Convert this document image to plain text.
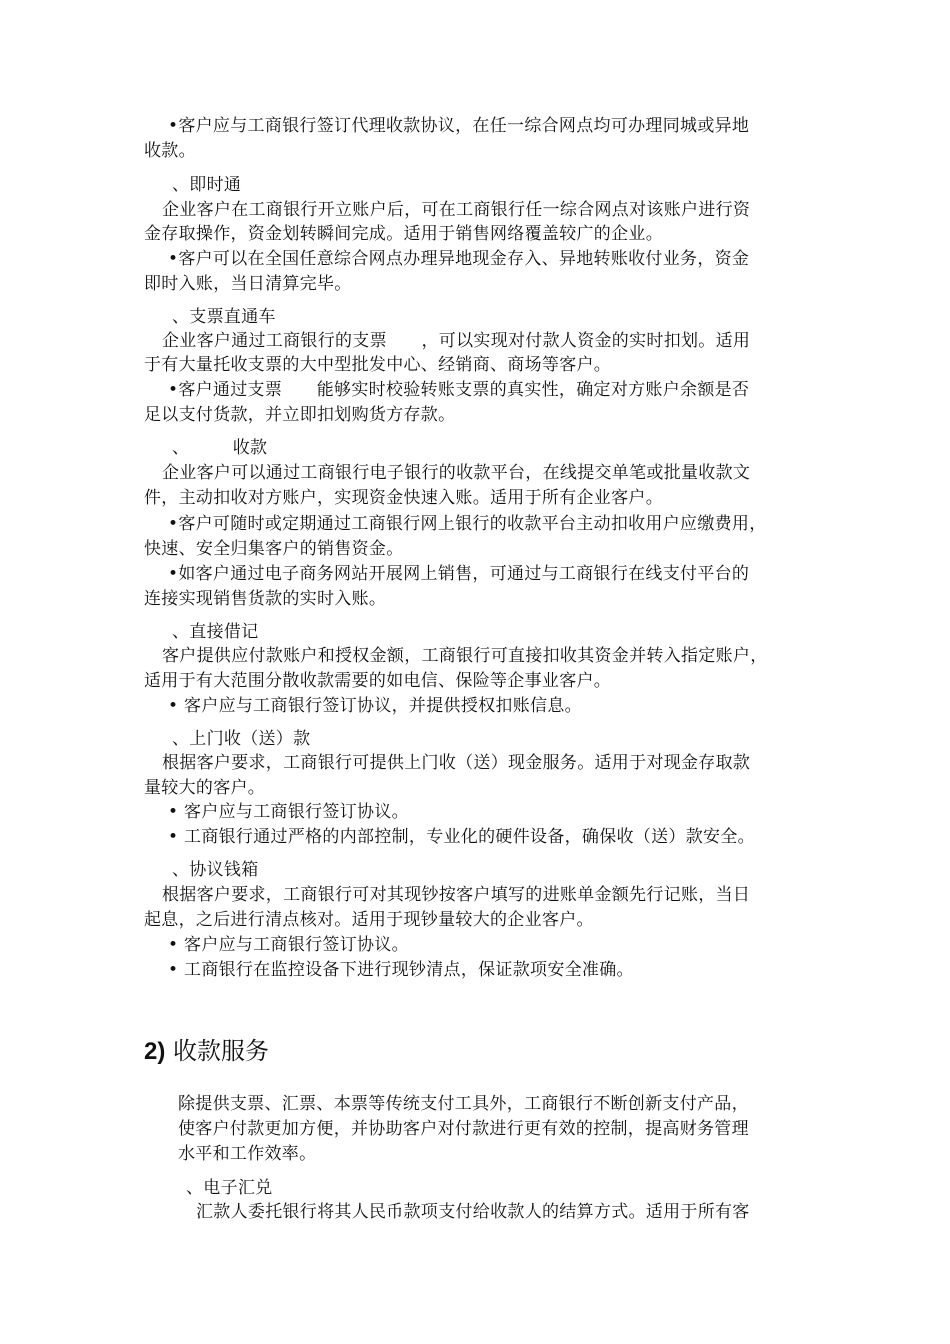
•客户应与工商银行签订代理收款协议，在任一综合网点均可办理同城或异地
收款。
、即时通
企业客户在工商银行开立账户后，可在工商银行任一综合网点对该账户进行资
金存取操作，资金划转瞬间完成。适用于销售网络覆盖较广的企业。
•客户可以在全国任意综合网点办理异地现金存入、异地转账收付业务，资金
即时入账，当日清算完毕。
、支票直通车
企业客户通过工商银行的支票　　，可以实现对付款人资金的实时扣划。适用
于有大量托收支票的大中型批发中心、经销商、商场等客户。
•客户通过支票　　能够实时校验转账支票的真实性，确定对方账户余额是否
足以支付货款，并立即扣划购货方存款。
、　　　收款
企业客户可以通过工商银行电子银行的收款平台，在线提交单笔或批量收款文
件，主动扣收对方账户，实现资金快速入账。适用于所有企业客户。
•客户可随时或定期通过工商银行网上银行的收款平台主动扣收用户应缴费用，
快速、安全归集客户的销售资金。
•如客户通过电子商务网站开展网上销售，可通过与工商银行在线支付平台的
连接实现销售货款的实时入账。
、直接借记
客户提供应付款账户和授权金额，工商银行可直接扣收其资金并转入指定账户，
适用于有大范围分散收款需要的如电信、保险等企事业客户。
• 客户应与工商银行签订协议，并提供授权扣账信息。
、上门收（送）款
根据客户要求，工商银行可提供上门收（送）现金服务。适用于对现金存取款
量较大的客户。
• 客户应与工商银行签订协议。
• 工商银行通过严格的内部控制，专业化的硬件设备，确保收（送）款安全。
、协议钱箱
根据客户要求，工商银行可对其现钞按客户填写的进账单金额先行记账，当日
起息，之后进行清点核对。适用于现钞量较大的企业客户。
• 客户应与工商银行签订协议。
• 工商银行在监控设备下进行现钞清点，保证款项安全准确。
2) 收款服务
除提供支票、汇票、本票等传统支付工具外，工商银行不断创新支付产品，
使客户付款更加方便，并协助客户对付款进行更有效的控制，提高财务管理
水平和工作效率。
、电子汇兑
汇款人委托银行将其人民币款项支付给收款人的结算方式。适用于所有客
